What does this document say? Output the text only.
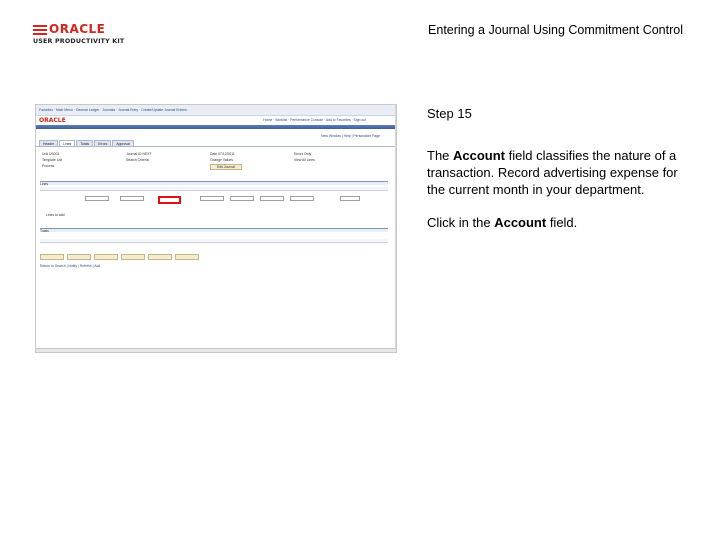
ORACLE
USER PRODUCTIVITY KIT
Entering a Journal Using Commitment Control
Favorites · Main Menu · General Ledger · Journals · Journal Entry · Create/Update Journal Entries
ORACLE	Home · Worklist · Performance Console · Add to Favorites · Sign out
New Window | Help | Personalize Page
Header	Lines	Totals	Errors	Approval
Unit US001	Journal ID NEXT	Date 07/12/2011	Errors Only
Template List	Search Criteria	Change Values	View All Lines
Process	Edit Journal
Lines
Lines to add
Totals
Return to Search | Notify | Refresh | Add
Step 15
The Account field classifies the nature of a transaction. Record advertising expense for the current month in your department.
Click in the Account field.
